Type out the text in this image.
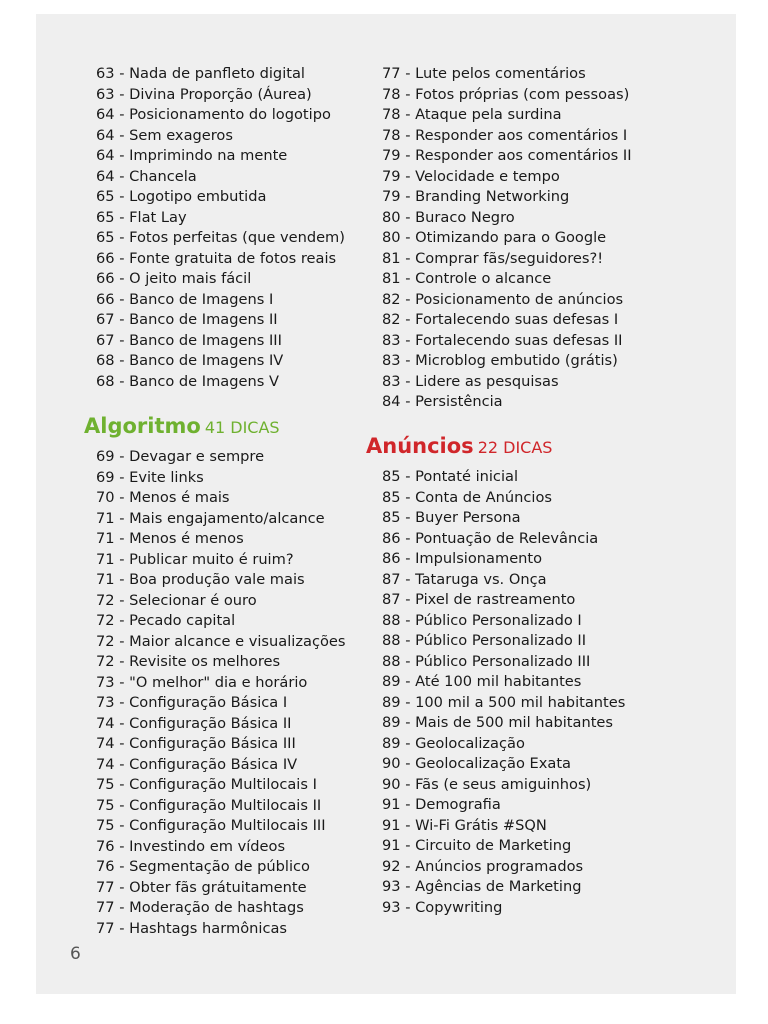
63 - Nada de panfleto digital
63 - Divina Proporção (Áurea)
64 - Posicionamento do logotipo
64 - Sem exageros
64 - Imprimindo na mente
64 - Chancela
65 - Logotipo embutida
65 - Flat Lay
65 - Fotos perfeitas (que vendem)
66 - Fonte gratuita de fotos reais
66 - O jeito mais fácil
66 - Banco de Imagens I
67 - Banco de Imagens II
67 - Banco de Imagens III
68 - Banco de Imagens IV
68 - Banco de Imagens V
Algoritmo 41 DICAS
69 - Devagar e sempre
69 - Evite links
70 - Menos é mais
71 - Mais engajamento/alcance
71 - Menos é menos
71 - Publicar muito é ruim?
71 - Boa produção vale mais
72 - Selecionar é ouro
72 - Pecado capital
72 - Maior alcance e visualizações
72 - Revisite os melhores
73 - "O melhor" dia e horário
73 - Configuração Básica I
74 - Configuração Básica II
74 - Configuração Básica III
74 - Configuração Básica IV
75 - Configuração Multilocais I
75 - Configuração Multilocais II
75 - Configuração Multilocais III
76 - Investindo em vídeos
76 - Segmentação de público
77 - Obter fãs grátuitamente
77 - Moderação de hashtags
77 - Hashtags harmônicas
77 - Lute pelos comentários
78 - Fotos próprias (com pessoas)
78 - Ataque pela surdina
78 - Responder aos comentários I
79 - Responder aos comentários II
79 - Velocidade e tempo
79 - Branding Networking
80 - Buraco Negro
80 - Otimizando para o Google
81 - Comprar fãs/seguidores?!
81 - Controle o alcance
82 - Posicionamento de anúncios
82 - Fortalecendo suas defesas I
83 - Fortalecendo suas defesas II
83 - Microblog embutido (grátis)
83 - Lidere as pesquisas
84 - Persistência
Anúncios 22 DICAS
85 - Pontaté inicial
85 - Conta de Anúncios
85 - Buyer Persona
86 - Pontuação de Relevância
86 - Impulsionamento
87 - Tataruga vs. Onça
87 - Pixel de rastreamento
88 - Público Personalizado I
88 - Público Personalizado II
88 - Público Personalizado III
89 - Até 100 mil habitantes
89 - 100 mil a 500 mil habitantes
89 - Mais de 500 mil habitantes
89 - Geolocalização
90 - Geolocalização Exata
90 - Fãs (e seus amiguinhos)
91 - Demografia
91 - Wi-Fi Grátis #SQN
91 - Circuito de Marketing
92 - Anúncios programados
93 - Agências de Marketing
93 - Copywriting
6
